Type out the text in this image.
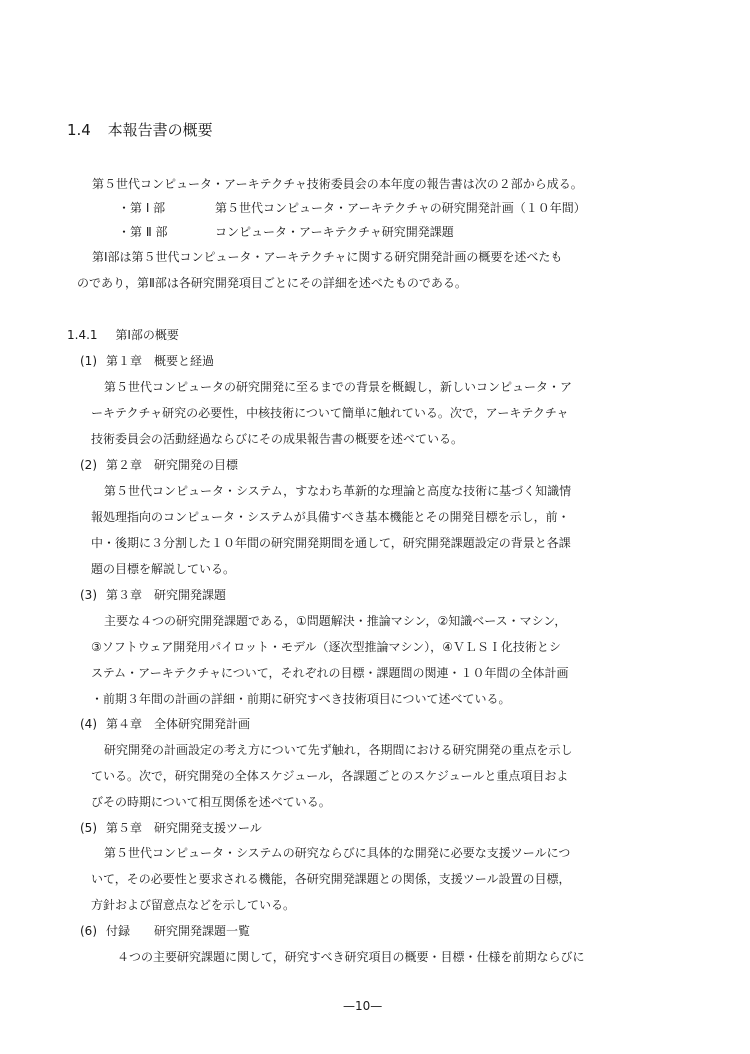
1.4 本報告書の概要
第５世代コンピュータ・アーキテクチャ技術委員会の本年度の報告書は次の２部から成る。
・第 Ⅰ 部	第５世代コンピュータ・アーキテクチャの研究開発計画（１０年間）
・第 Ⅱ 部	コンピュータ・アーキテクチャ研究開発課題
第Ⅰ部は第５世代コンピュータ・アーキテクチャに関する研究開発計画の概要を述べたも
のであり，第Ⅱ部は各研究開発項目ごとにその詳細を述べたものである。
1.4.1 第Ⅰ部の概要
(1) 第１章　概要と経過
第５世代コンピュータの研究開発に至るまでの背景を概観し，新しいコンピュータ・ア
ーキテクチャ研究の必要性，中核技術について簡単に触れている。次で，アーキテクチャ
技術委員会の活動経過ならびにその成果報告書の概要を述べている。
(2) 第２章　研究開発の目標
第５世代コンピュータ・システム，すなわち革新的な理論と高度な技術に基づく知識情
報処理指向のコンピュータ・システムが具備すべき基本機能とその開発目標を示し，前・
中・後期に３分割した１０年間の研究開発期間を通して，研究開発課題設定の背景と各課
題の目標を解説している。
(3) 第３章　研究開発課題
主要な４つの研究開発課題である，①問題解決・推論マシン，②知識ベース・マシン，
③ソフトウェア開発用パイロット・モデル（逐次型推論マシン），④ＶＬＳＩ化技術とシ
ステム・アーキテクチャについて，それぞれの目標・課題間の関連・１０年間の全体計画
・前期３年間の計画の詳細・前期に研究すべき技術項目について述べている。
(4) 第４章　全体研究開発計画
研究開発の計画設定の考え方について先ず触れ，各期間における研究開発の重点を示し
ている。次で，研究開発の全体スケジュール，各課題ごとのスケジュールと重点項目およ
びその時期について相互関係を述べている。
(5) 第５章　研究開発支援ツール
第５世代コンピュータ・システムの研究ならびに具体的な開発に必要な支援ツールにつ
いて，その必要性と要求される機能，各研究開発課題との関係，支援ツール設置の目標，
方針および留意点などを示している。
(6) 付録　　研究開発課題一覧
４つの主要研究課題に関して，研究すべき研究項目の概要・目標・仕様を前期ならびに
—10—
